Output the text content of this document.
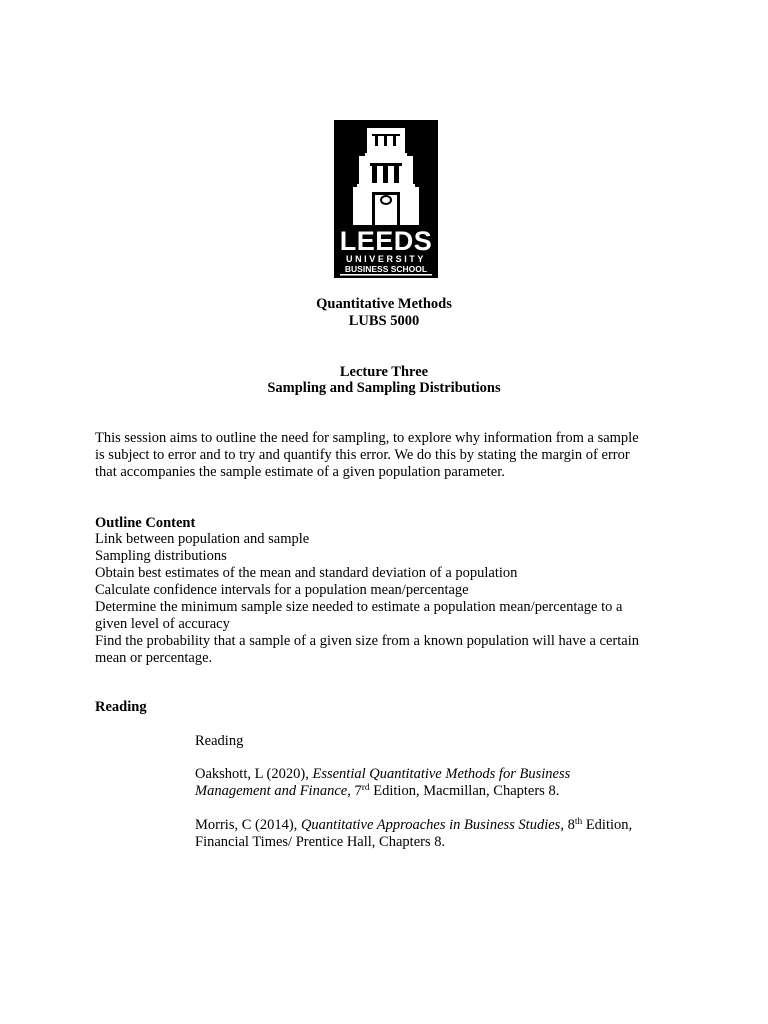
LEEDS
UNIVERSITY
BUSINESS SCHOOL
Quantitative Methods
LUBS 5000
Lecture Three
Sampling and Sampling Distributions
This session aims to outline the need for sampling, to explore why information from a sample
is subject to error and to try and quantify this error. We do this by stating the margin of error
that accompanies the sample estimate of a given population parameter.
Outline Content
Link between population and sample
Sampling distributions
Obtain best estimates of the mean and standard deviation of a population
Calculate confidence intervals for a population mean/percentage
Determine the minimum sample size needed to estimate a population mean/percentage to a
given level of accuracy
Find the probability that a sample of a given size from a known population will have a certain
mean or percentage.
Reading
Reading
Oakshott, L (2020), Essential Quantitative Methods for Business
Management and Finance, 7rd Edition, Macmillan, Chapters 8.
Morris, C (2014), Quantitative Approaches in Business Studies, 8th Edition,
Financial Times/ Prentice Hall, Chapters 8.
